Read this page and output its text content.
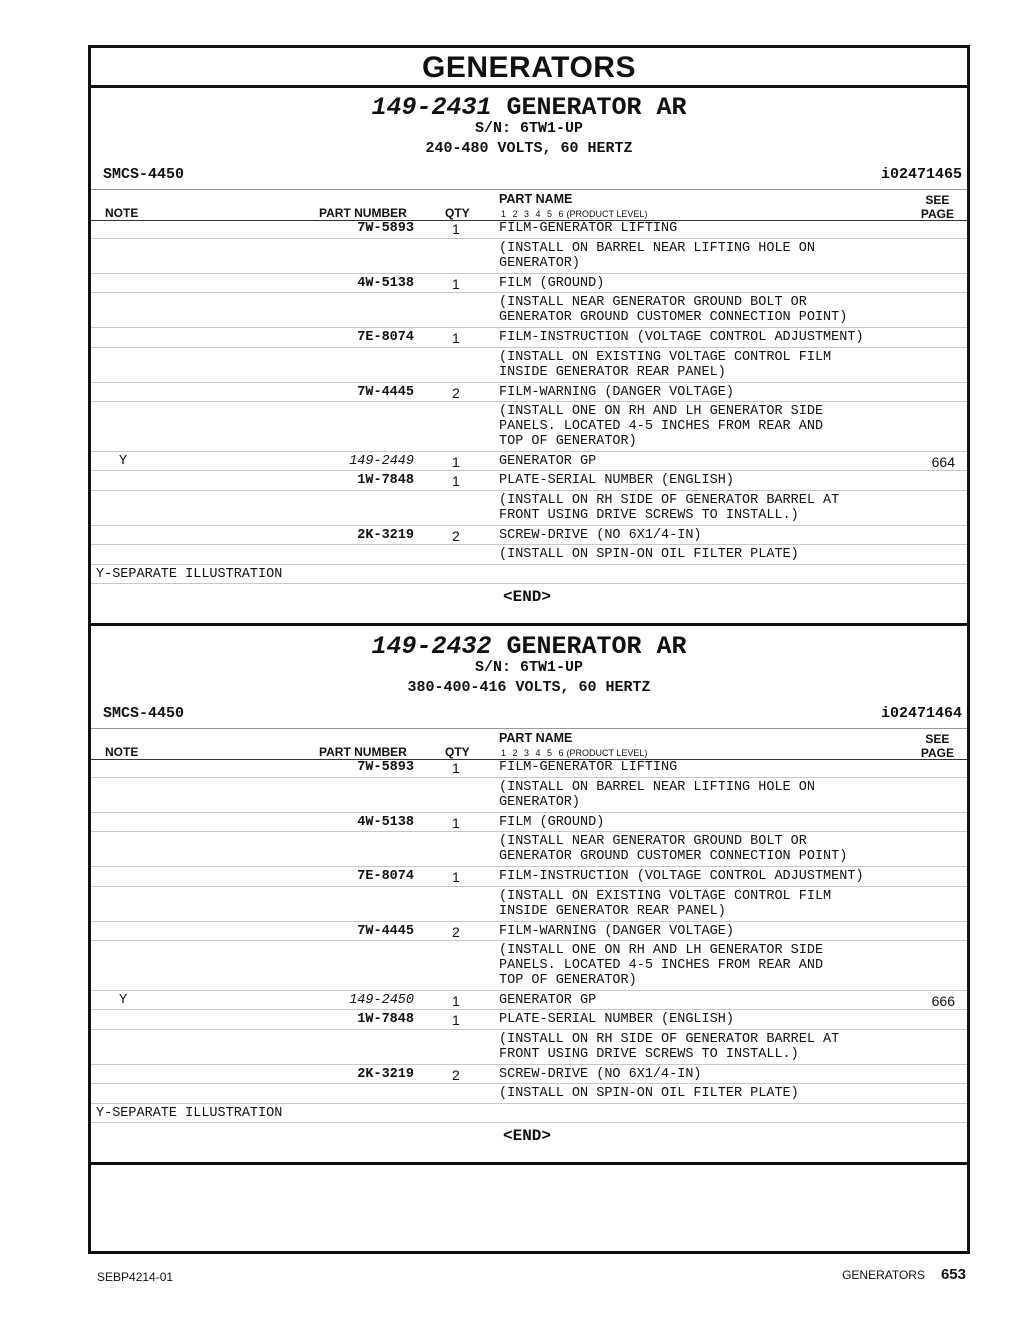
GENERATORS
149-2431 GENERATOR AR
S/N: 6TW1-UP
240-480 VOLTS, 60 HERTZ
SMCS-4450	i02471465
NOTE	PART NUMBER	QTY
PART NAME
1 2 3 4 5 6 (PRODUCT LEVEL)
SEE
PAGE
7W-5893	1	FILM-GENERATOR LIFTING
(INSTALL ON BARREL NEAR LIFTING HOLE ON
GENERATOR)
4W-5138	1	FILM (GROUND)
(INSTALL NEAR GENERATOR GROUND BOLT OR
GENERATOR GROUND CUSTOMER CONNECTION POINT)
7E-8074	1	FILM-INSTRUCTION (VOLTAGE CONTROL ADJUSTMENT)
(INSTALL ON EXISTING VOLTAGE CONTROL FILM
INSIDE GENERATOR REAR PANEL)
7W-4445	2	FILM-WARNING (DANGER VOLTAGE)
(INSTALL ONE ON RH AND LH GENERATOR SIDE
PANELS. LOCATED 4-5 INCHES FROM REAR AND
TOP OF GENERATOR)
Y	149-2449	1	GENERATOR GP	664
1W-7848	1	PLATE-SERIAL NUMBER (ENGLISH)
(INSTALL ON RH SIDE OF GENERATOR BARREL AT
FRONT USING DRIVE SCREWS TO INSTALL.)
2K-3219	2	SCREW-DRIVE (NO 6X1/4-IN)
(INSTALL ON SPIN-ON OIL FILTER PLATE)
Y-SEPARATE ILLUSTRATION
<END>
149-2432 GENERATOR AR
S/N: 6TW1-UP
380-400-416 VOLTS, 60 HERTZ
SMCS-4450	i02471464
NOTE	PART NUMBER	QTY
PART NAME
1 2 3 4 5 6 (PRODUCT LEVEL)
SEE
PAGE
7W-5893	1	FILM-GENERATOR LIFTING
(INSTALL ON BARREL NEAR LIFTING HOLE ON
GENERATOR)
4W-5138	1	FILM (GROUND)
(INSTALL NEAR GENERATOR GROUND BOLT OR
GENERATOR GROUND CUSTOMER CONNECTION POINT)
7E-8074	1	FILM-INSTRUCTION (VOLTAGE CONTROL ADJUSTMENT)
(INSTALL ON EXISTING VOLTAGE CONTROL FILM
INSIDE GENERATOR REAR PANEL)
7W-4445	2	FILM-WARNING (DANGER VOLTAGE)
(INSTALL ONE ON RH AND LH GENERATOR SIDE
PANELS. LOCATED 4-5 INCHES FROM REAR AND
TOP OF GENERATOR)
Y	149-2450	1	GENERATOR GP	666
1W-7848	1	PLATE-SERIAL NUMBER (ENGLISH)
(INSTALL ON RH SIDE OF GENERATOR BARREL AT
FRONT USING DRIVE SCREWS TO INSTALL.)
2K-3219	2	SCREW-DRIVE (NO 6X1/4-IN)
(INSTALL ON SPIN-ON OIL FILTER PLATE)
Y-SEPARATE ILLUSTRATION
<END>
SEBP4214-01	GENERATORS 653
